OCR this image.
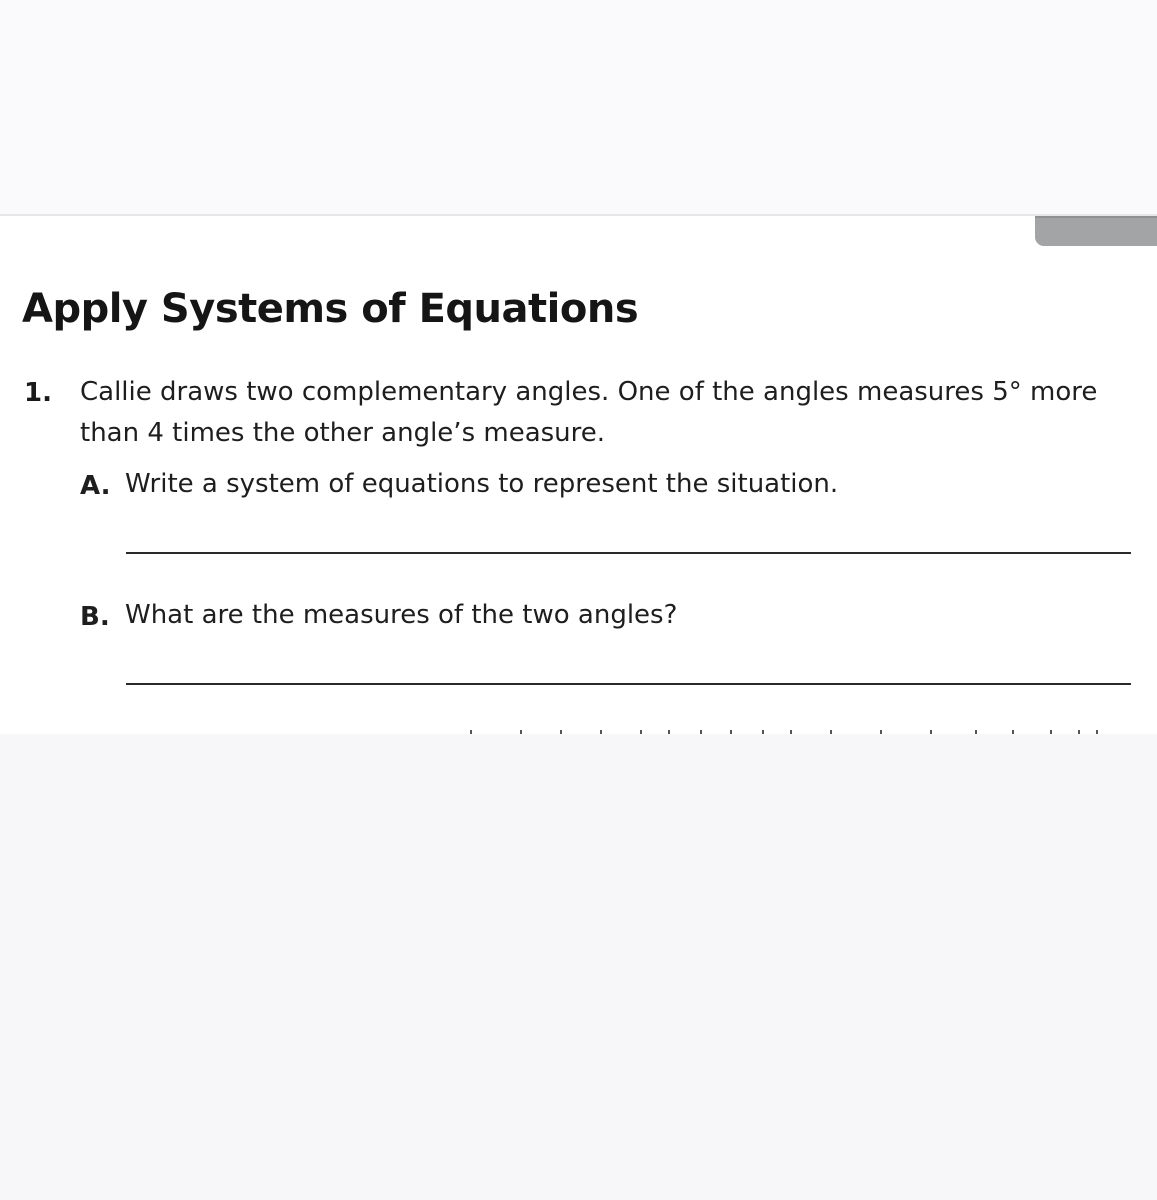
Apply Systems of Equations
1. Callie draws two complementary angles. One of the angles measures 5° more than 4 times the other angle’s measure.
A. Write a system of equations to represent the situation.
B. What are the measures of the two angles?
